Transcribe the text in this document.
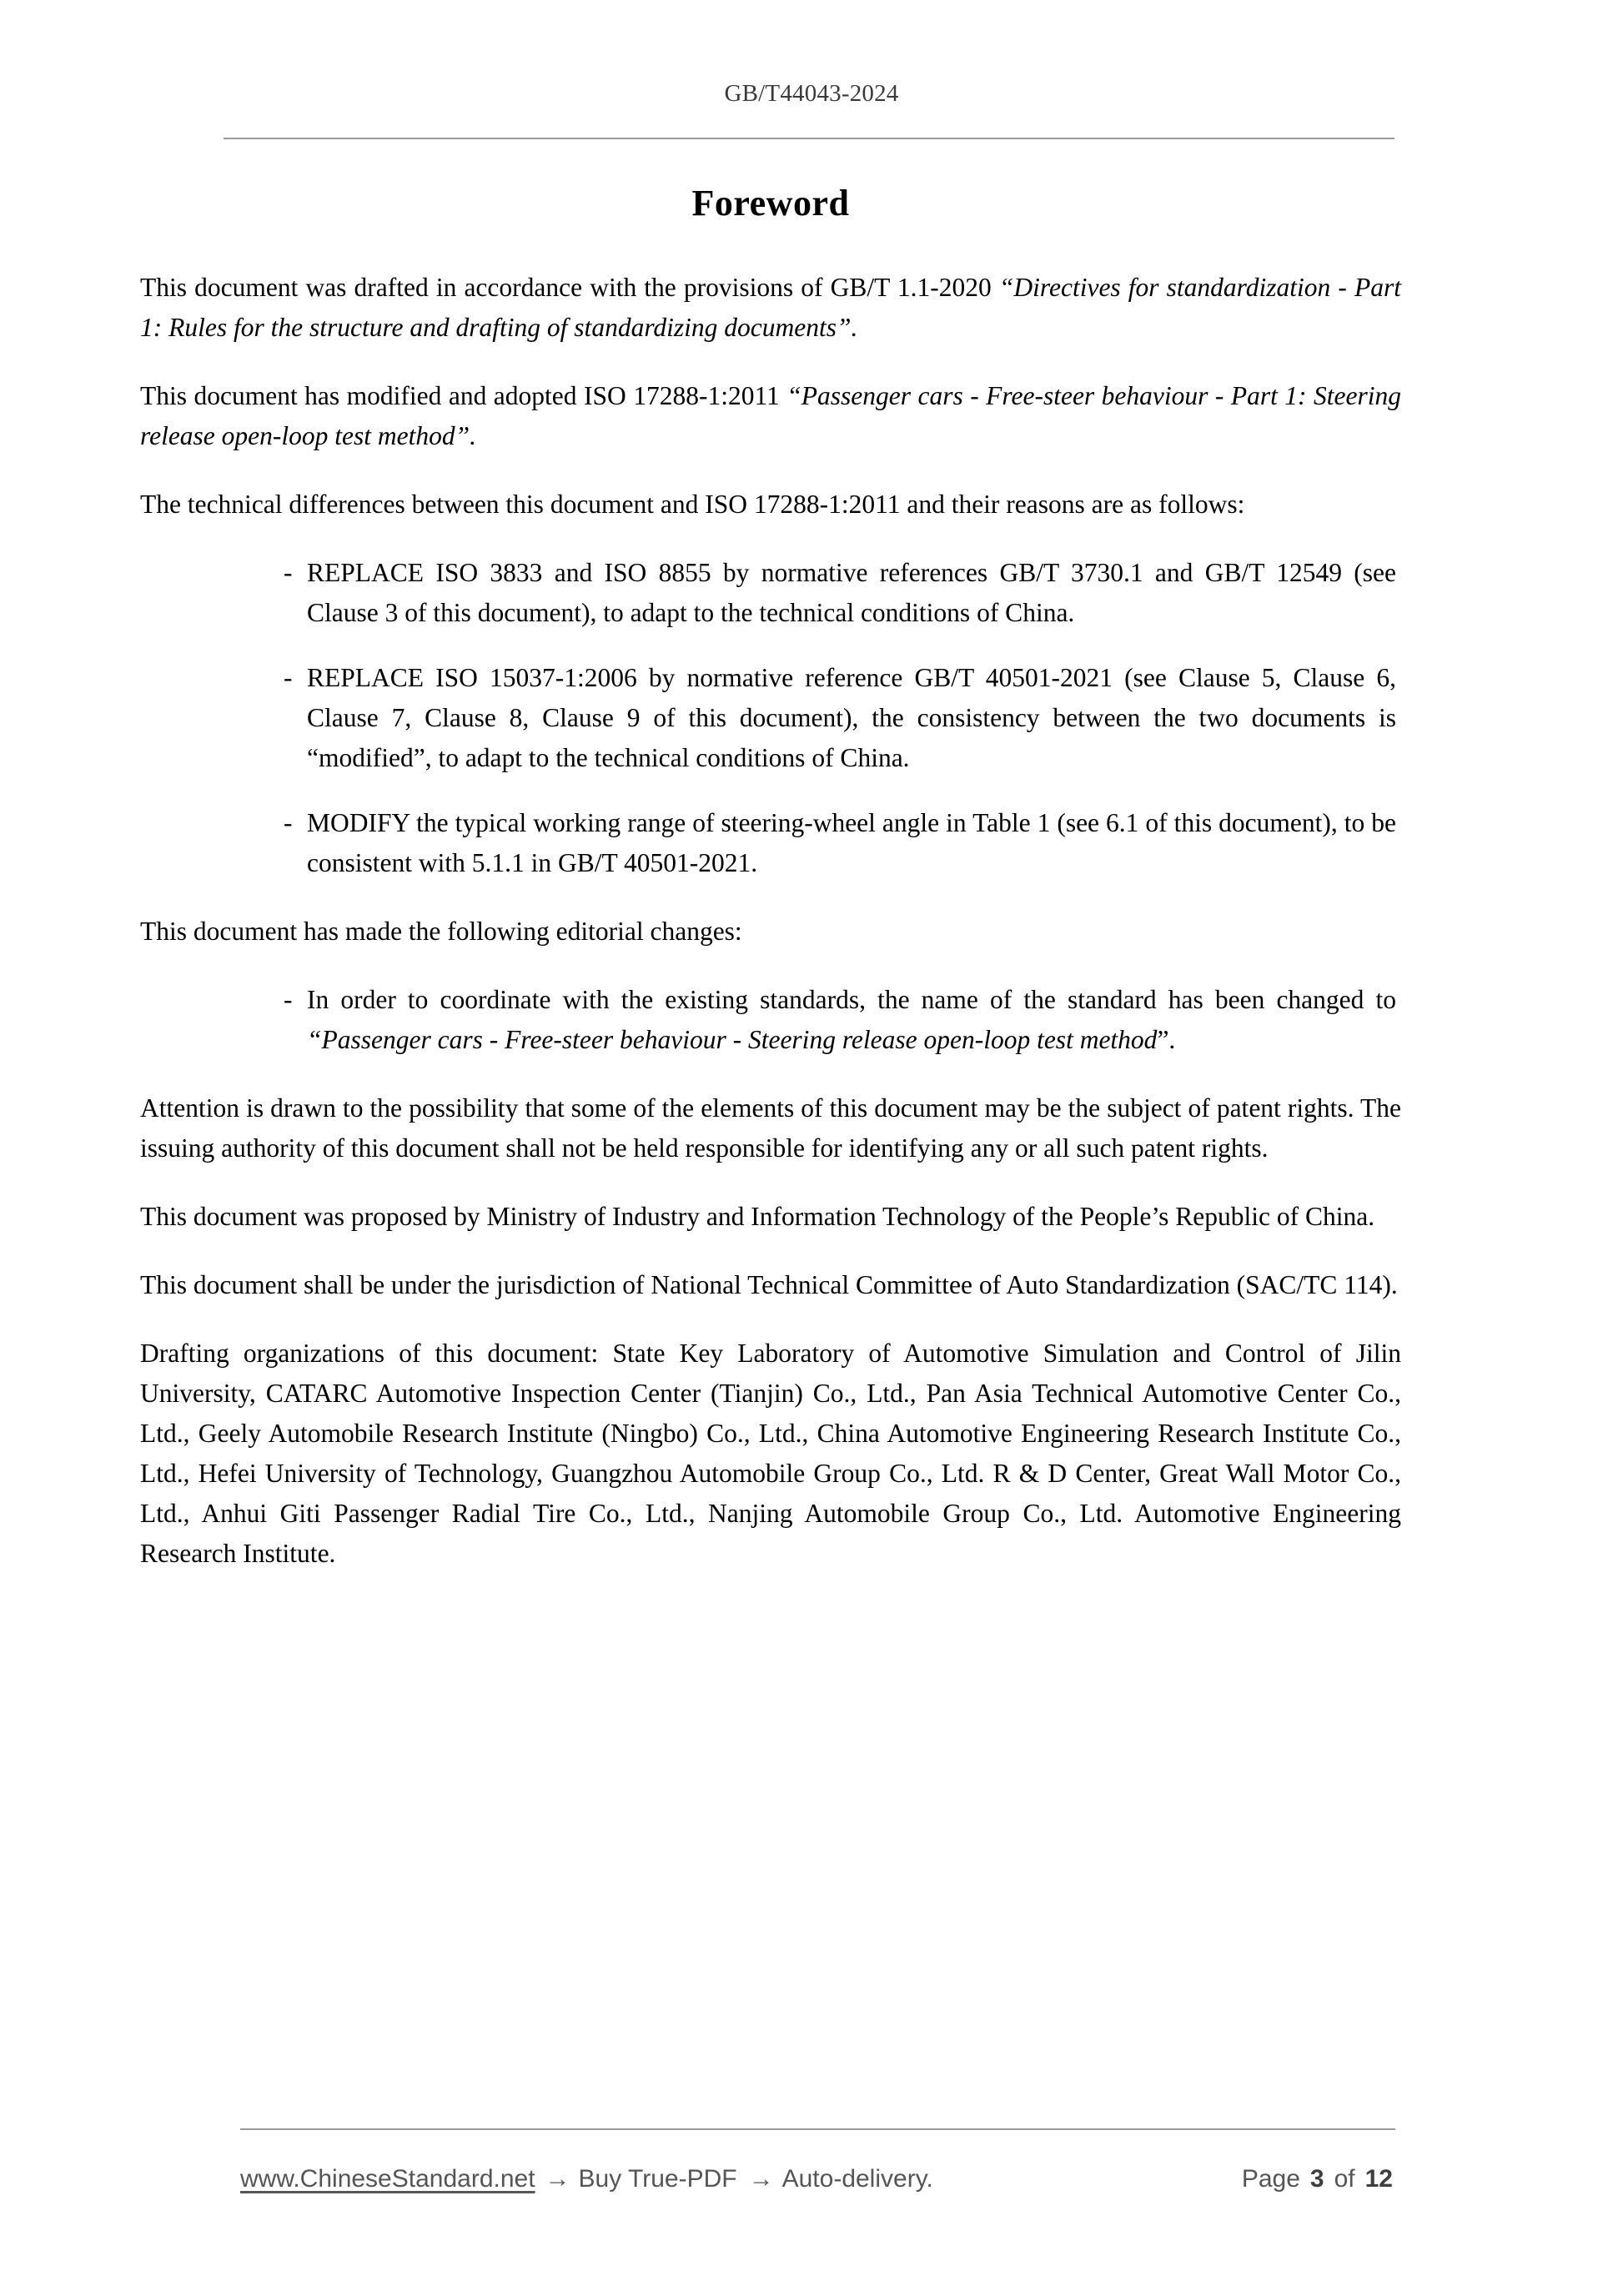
GB/T44043-2024
Foreword

This document was drafted in accordance with the provisions of GB/T 1.1-2020 “Directives for standardization - Part 1: Rules for the structure and drafting of standardizing documents”.

This document has modified and adopted ISO 17288-1:2011 “Passenger cars - Free-steer behaviour - Part 1: Steering release open-loop test method”.

The technical differences between this document and ISO 17288-1:2011 and their reasons are as follows:

- REPLACE ISO 3833 and ISO 8855 by normative references GB/T 3730.1 and GB/T 12549 (see Clause 3 of this document), to adapt to the technical conditions of China.
- REPLACE ISO 15037-1:2006 by normative reference GB/T 40501-2021 (see Clause 5, Clause 6, Clause 7, Clause 8, Clause 9 of this document), the consistency between the two documents is “modified”, to adapt to the technical conditions of China.
- MODIFY the typical working range of steering-wheel angle in Table 1 (see 6.1 of this document), to be consistent with 5.1.1 in GB/T 40501-2021.

This document has made the following editorial changes:

- In order to coordinate with the existing standards, the name of the standard has been changed to “Passenger cars - Free-steer behaviour - Steering release open-loop test method”.

Attention is drawn to the possibility that some of the elements of this document may be the subject of patent rights. The issuing authority of this document shall not be held responsible for identifying any or all such patent rights.

This document was proposed by Ministry of Industry and Information Technology of the People’s Republic of China.

This document shall be under the jurisdiction of National Technical Committee of Auto Standardization (SAC/TC 114).

Drafting organizations of this document: State Key Laboratory of Automotive Simulation and Control of Jilin University, CATARC Automotive Inspection Center (Tianjin) Co., Ltd., Pan Asia Technical Automotive Center Co., Ltd., Geely Automobile Research Institute (Ningbo) Co., Ltd., China Automotive Engineering Research Institute Co., Ltd., Hefei University of Technology, Guangzhou Automobile Group Co., Ltd. R & D Center, Great Wall Motor Co., Ltd., Anhui Giti Passenger Radial Tire Co., Ltd., Nanjing Automobile Group Co., Ltd. Automotive Engineering Research Institute.

www.ChineseStandard.net → Buy True-PDF → Auto-delivery.	Page 3 of 12
